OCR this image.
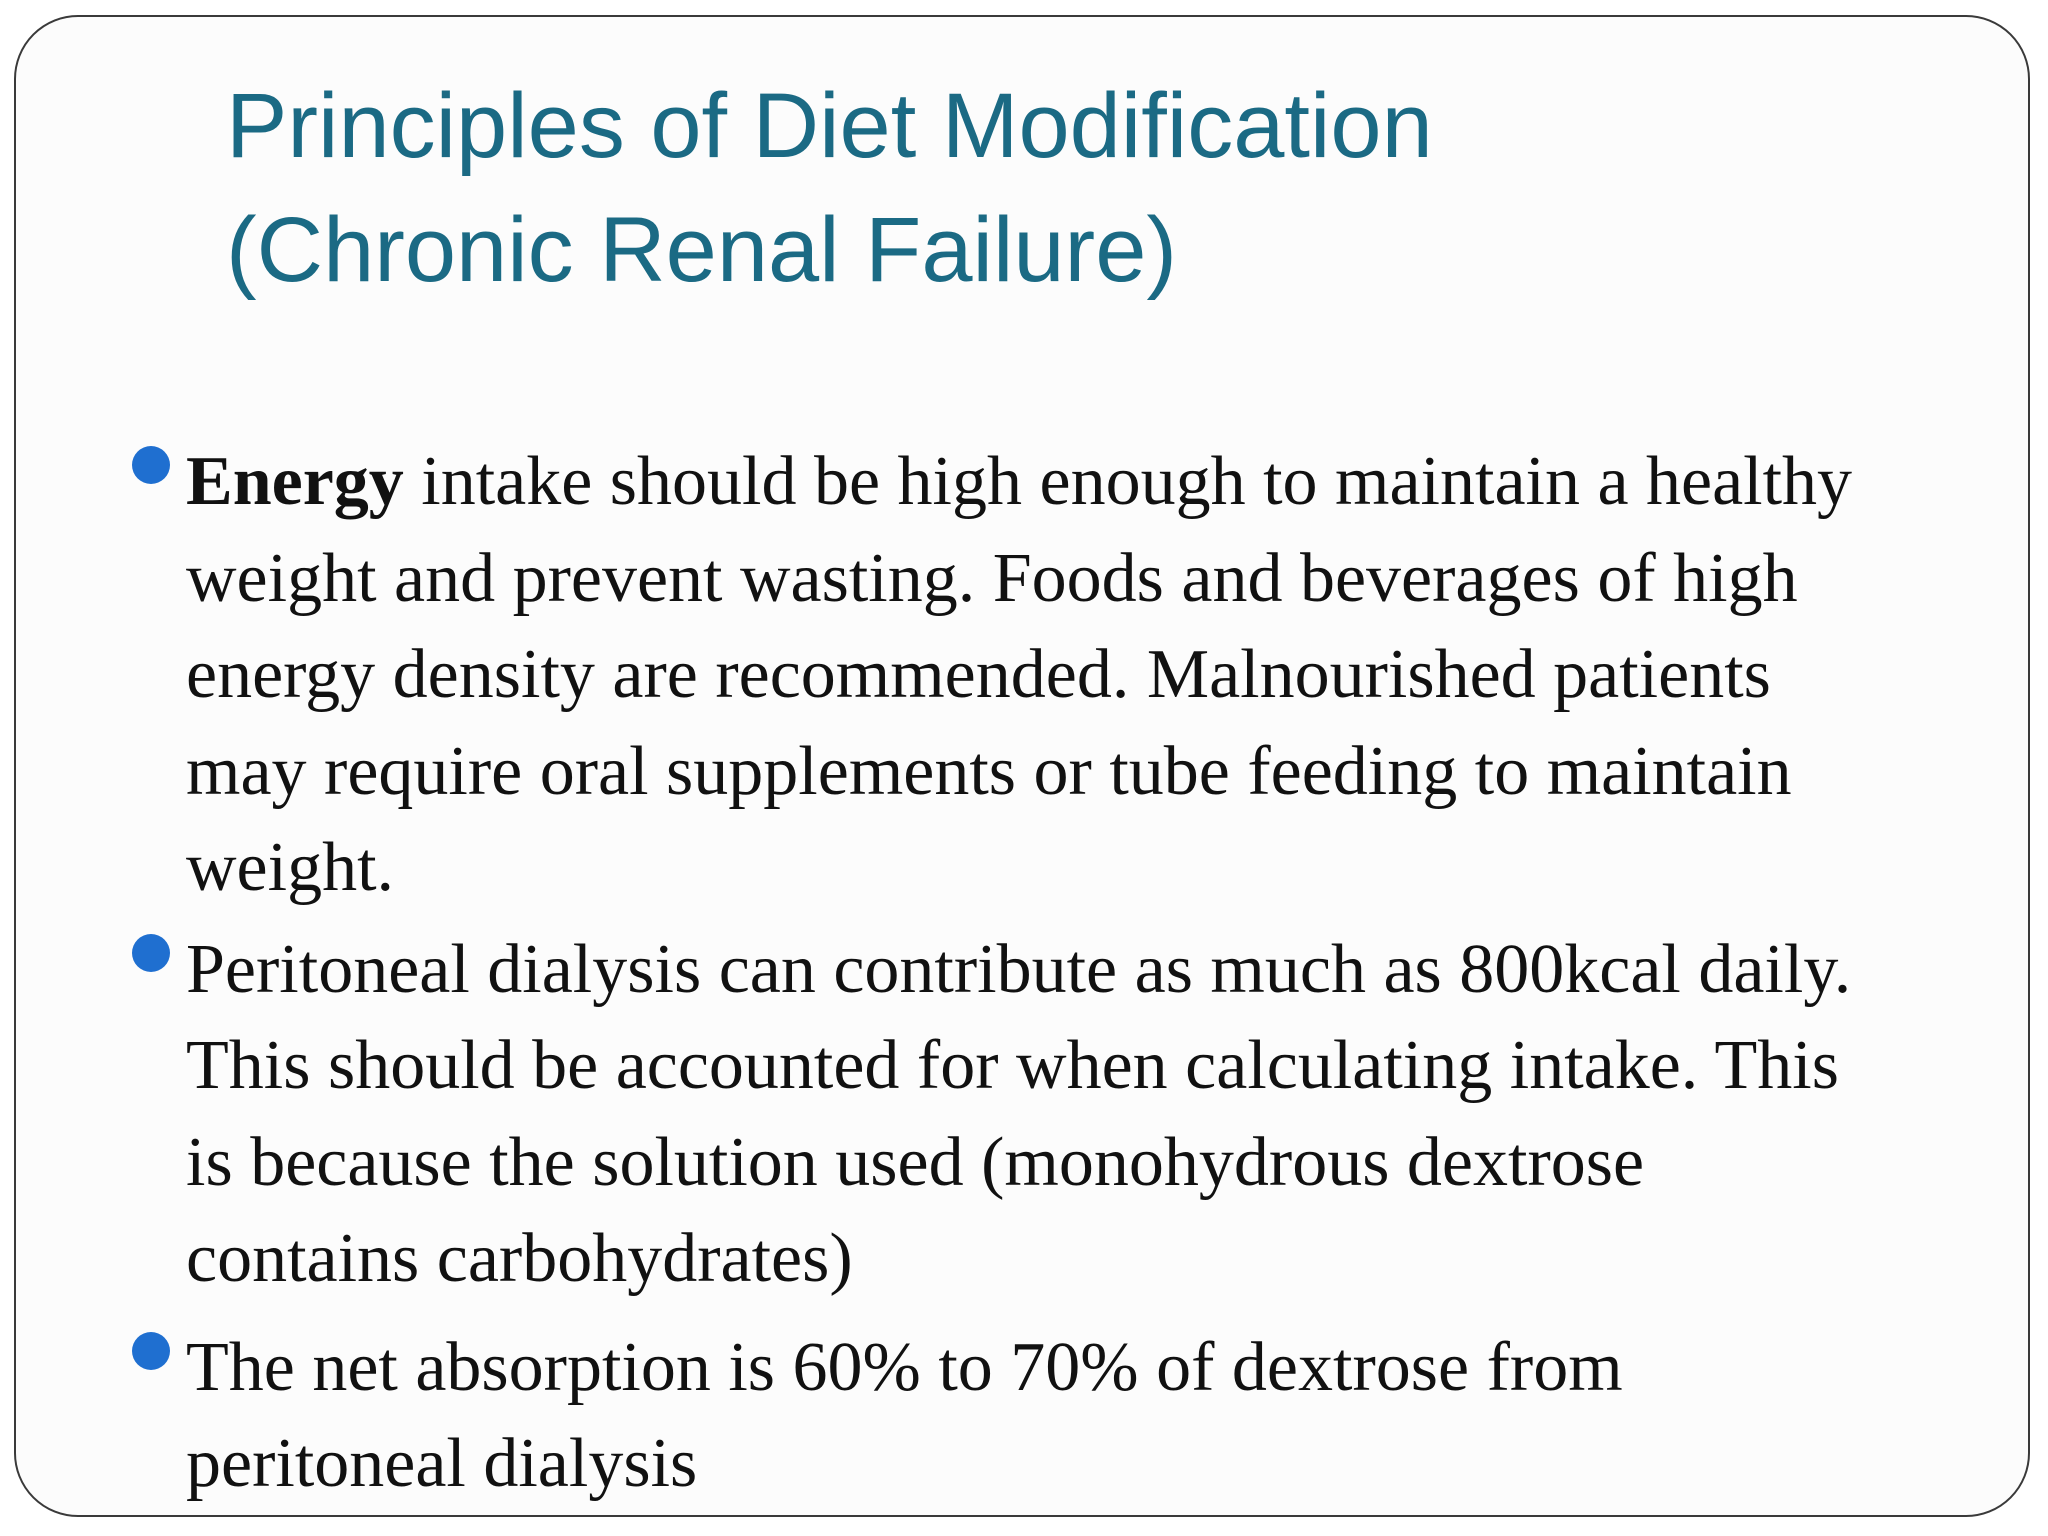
Principles of Diet Modification
(Chronic Renal Failure)
Energy intake should be high enough to maintain a healthy
weight and prevent wasting. Foods and beverages of high
energy density are recommended. Malnourished patients
may require oral supplements or tube feeding to maintain
weight.
Peritoneal dialysis can contribute as much as 800kcal daily.
This should be accounted for when calculating intake. This
is because the solution used (monohydrous dextrose
contains carbohydrates)
The net absorption is 60% to 70% of dextrose from
peritoneal dialysis
